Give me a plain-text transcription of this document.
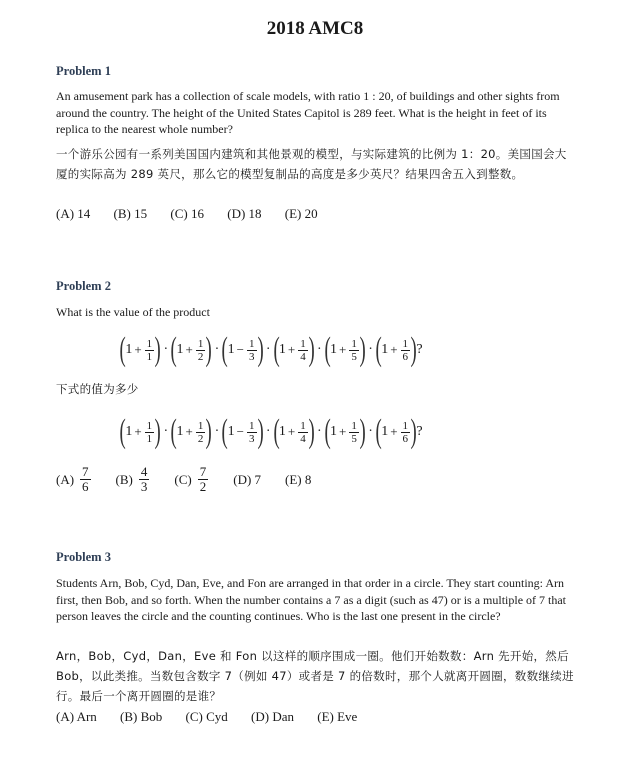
2018 AMC8
Problem 1
An amusement park has a collection of scale models, with ratio 1 : 20, of buildings and other sights from around the country. The height of the United States Capitol is 289 feet. What is the height in feet of its replica to the nearest whole number?
一个游乐公园有一系列美国国内建筑和其他景观的模型，与实际建筑的比例为 1：20。美国国会大厦的实际高为 289 英尺，那么它的模型复制品的高度是多少英尺？结果四舍五入到整数。
(A) 14 (B) 15 (C) 16 (D) 18 (E) 20
Problem 2
What is the value of the product
( $1 + \frac{1}{1}$ ) · ( $1 + \frac{1}{2}$ ) · ( $1 - \frac{1}{3}$ ) · ( $1 + \frac{1}{4}$ ) · ( $1 + \frac{1}{5}$ ) · ( $1 + \frac{1}{6}$ ) ?
下式的值为多少
( $1 + \frac{1}{1}$ ) · ( $1 + \frac{1}{2}$ ) · ( $1 - \frac{1}{3}$ ) · ( $1 + \frac{1}{4}$ ) · ( $1 + \frac{1}{5}$ ) · ( $1 + \frac{1}{6}$ ) ?
$(A) \frac{7}{6} (B) \frac{4}{3} (C) \frac{7}{2} (D)$ 7 (E) 8
Problem 3
Students Arn, Bob, Cyd, Dan, Eve, and Fon are arranged in that order in a circle. They start counting: Arn first, then Bob, and so forth. When the number contains a 7 as a digit (such as 47) or is a multiple of 7 that person leaves the circle and the counting continues. Who is the last one present in the circle?
Arn，Bob，Cyd，Dan，Eve 和 Fon 以这样的顺序围成一圈。他们开始数数：Arn 先开始，然后 Bob，以此类推。当数包含数字 7（例如 47）或者是 7 的倍数时，那个人就离开圆圈，数数继续进行。最后一个离开圆圈的是谁？
(A) Arn (B) Bob (C) Cyd (D) Dan (E) Eve
